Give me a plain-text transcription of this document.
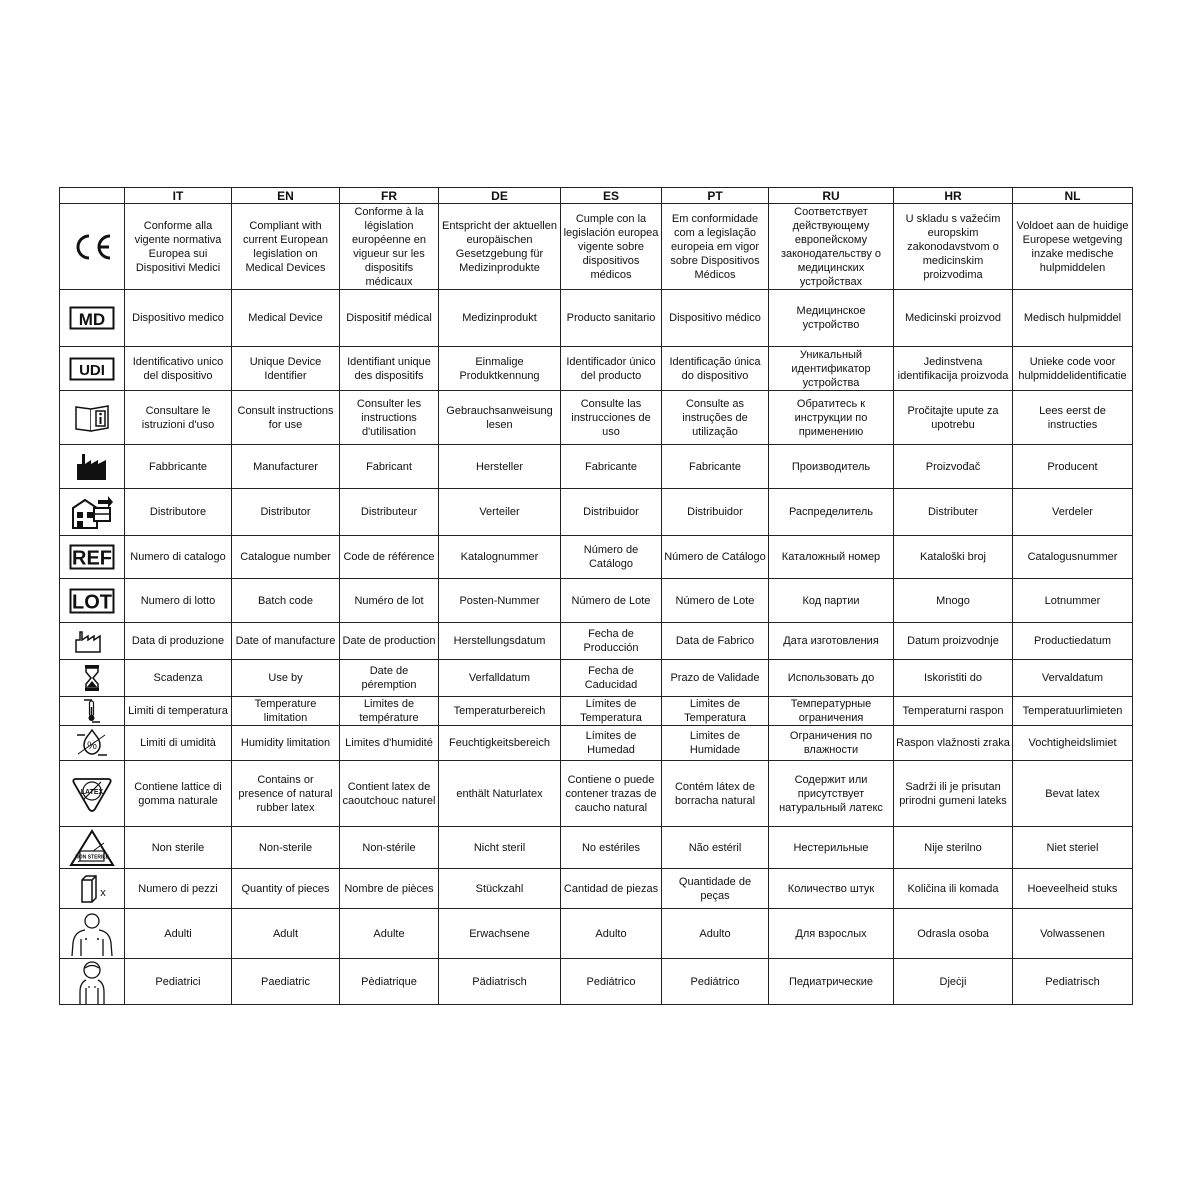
	IT	EN	FR	DE	ES	PT	RU	HR	NL

	Conforme alla vigente normativa Europea sui Dispositivi Medici	Compliant with current European legislation on Medical Devices	Conforme à la législation européenne en vigueur sur les dispositifs médicaux	Entspricht der aktuellen europäischen Gesetzgebung für Medizinprodukte	Cumple con la legislación europea vigente sobre dispositivos médicos	Em conformidade com a legislação europeia em vigor sobre Dispositivos Médicos	Соответствует действующему европейскому законодательству о медицинских устройствах	U skladu s važećim europskim zakonodavstvom o medicinskim proizvodima	Voldoet aan de huidige Europese wetgeving inzake medische hulpmiddelen

MD	Dispositivo medico	Medical Device	Dispositif médical	Medizinprodukt	Producto sanitario	Dispositivo médico	Медицинское устройство	Medicinski proizvod	Medisch hulpmiddel

UDI	Identificativo unico del dispositivo	Unique Device Identifier	Identifiant unique des dispositifs	Einmalige Produktkennung	Identificador único del producto	Identificação única do dispositivo	Уникальный идентификатор устройства	Jedinstvena identifikacija proizvoda	Unieke code voor hulpmiddelidentificatie

	Consultare le istruzioni d'uso	Consult instructions for use	Consulter les instructions d'utilisation	Gebrauchsanweisung lesen	Consulte las instrucciones de uso	Consulte as instruções de utilização	Обратитесь к инструкции по применению	Pročitajte upute za upotrebu	Lees eerst de instructies

	Fabbricante	Manufacturer	Fabricant	Hersteller	Fabricante	Fabricante	Производитель	Proizvođač	Producent

	Distributore	Distributor	Distributeur	Verteiler	Distribuidor	Distribuidor	Распределитель	Distributer	Verdeler

REF	Numero di catalogo	Catalogue number	Code de référence	Katalognummer	Número de Catálogo	Número de Catálogo	Каталожный номер	Kataloški broj	Catalogusnummer

LOT	Numero di lotto	Batch code	Numéro de lot	Posten-Nummer	Número de Lote	Número de Lote	Код партии	Mnogo	Lotnummer

	Data di produzione	Date of manufacture	Date de production	Herstellungsdatum	Fecha de Producción	Data de Fabrico	Дата изготовления	Datum proizvodnje	Productiedatum

	Scadenza	Use by	Date de péremption	Verfalldatum	Fecha de Caducidad	Prazo de Validade	Использовать до	Iskoristiti do	Vervaldatum

	Limiti di temperatura	Temperature limitation	Limites de température	Temperaturbereich	Límites de Temperatura	Limites de Temperatura	Температурные ограничения	Temperaturni raspon	Temperatuurlimieten

%	Limiti di umidità	Humidity limitation	Limites d'humidité	Feuchtigkeitsbereich	Límites de Humedad	Limites de Humidade	Ограничения по влажности	Raspon vlažnosti zraka	Vochtigheidslimiet

LATEX	Contiene lattice di gomma naturale	Contains or presence of natural rubber latex	Contient latex de caoutchouc naturel	enthält Naturlatex	Contiene o puede contener trazas de caucho natural	Contém látex de borracha natural	Содержит или присутствует натуральный латекс	Sadrži ili je prisutan prirodni gumeni lateks	Bevat latex

NON STERILE	Non sterile	Non-sterile	Non-stérile	Nicht steril	No estériles	Não estéril	Нестерильные	Nije sterilno	Niet steriel

x	Numero di pezzi	Quantity of pieces	Nombre de pièces	Stückzahl	Cantidad de piezas	Quantidade de peças	Количество штук	Količina ili komada	Hoeveelheid stuks

	Adulti	Adult	Adulte	Erwachsene	Adulto	Adulto	Для взрослых	Odrasla osoba	Volwassenen

	Pediatrici	Paediatric	Pèdiatrique	Pädiatrisch	Pediátrico	Pediátrico	Педиатрические	Djeċji	Pediatrisch
